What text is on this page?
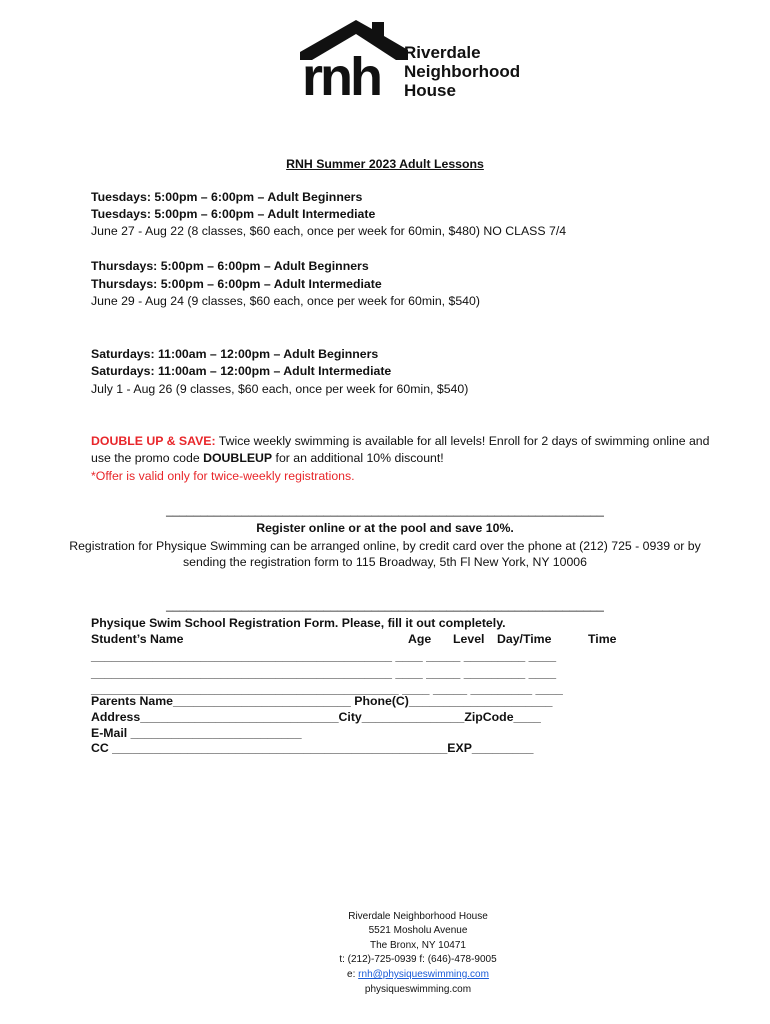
rnh Riverdale
Neighborhood
House
RNH Summer 2023 Adult Lessons
Tuesdays: 5:00pm – 6:00pm – Adult Beginners
Tuesdays: 5:00pm – 6:00pm – Adult Intermediate
June 27 - Aug 22 (8 classes, $60 each, once per week for 60min, $480) NO CLASS 7/4
Thursdays: 5:00pm – 6:00pm – Adult Beginners
Thursdays: 5:00pm – 6:00pm – Adult Intermediate
June 29 - Aug 24 (9 classes, $60 each, once per week for 60min, $540)
Saturdays: 11:00am – 12:00pm – Adult Beginners
Saturdays: 11:00am – 12:00pm – Adult Intermediate
July 1 - Aug 26 (9 classes, $60 each, once per week for 60min, $540)
DOUBLE UP & SAVE: Twice weekly swimming is available for all levels! Enroll for 2 days of swimming online and
use the promo code DOUBLEUP for an additional 10% discount!
*Offer is valid only for twice-weekly registrations.
________________________________________________________________
Register online or at the pool and save 10%.
Registration for Physique Swimming can be arranged online, by credit card over the phone at (212) 725 - 0939 or by
sending the registration form to 115 Broadway, 5th Fl New York, NY 10006
________________________________________________________________
Physique Swim School Registration Form. Please, fill it out completely.
Student’s Name	Age Level Day/Time	Time
____________________________________________ ____ _____ _________ ____
____________________________________________ ____ _____ _________ ____
_____________________________________________ ____ _____ _________ ____
Parents Name__________________________ Phone(C)_____________________
Address_____________________________City_______________ZipCode____
E-Mail _________________________
CC _________________________________________________EXP_________
Riverdale Neighborhood House
5521 Mosholu Avenue
The Bronx, NY 10471
t: (212)-725-0939 f: (646)-478-9005
e: rnh@physiqueswimming.com
physiqueswimming.com
